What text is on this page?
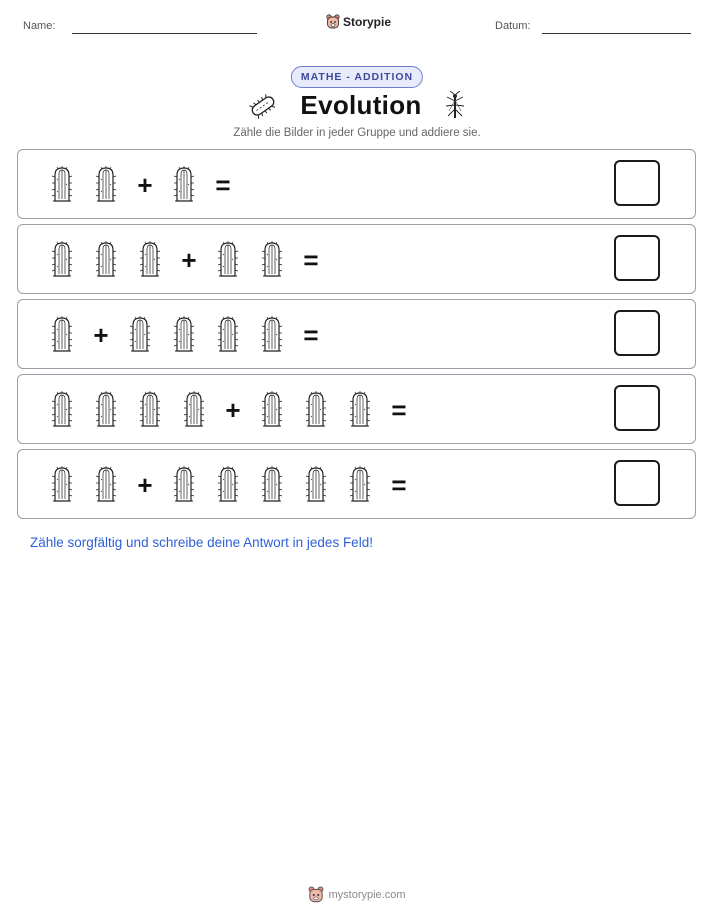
Name:	Storypie	Datum:
MATHE - ADDITION
Evolution
Zähle die Bilder in jeder Gruppe und addiere sie.
+	=
+	=
+	=
+	=
+	=
Zähle sorgfältig und schreibe deine Antwort in jedes Feld!
mystorypie.com
